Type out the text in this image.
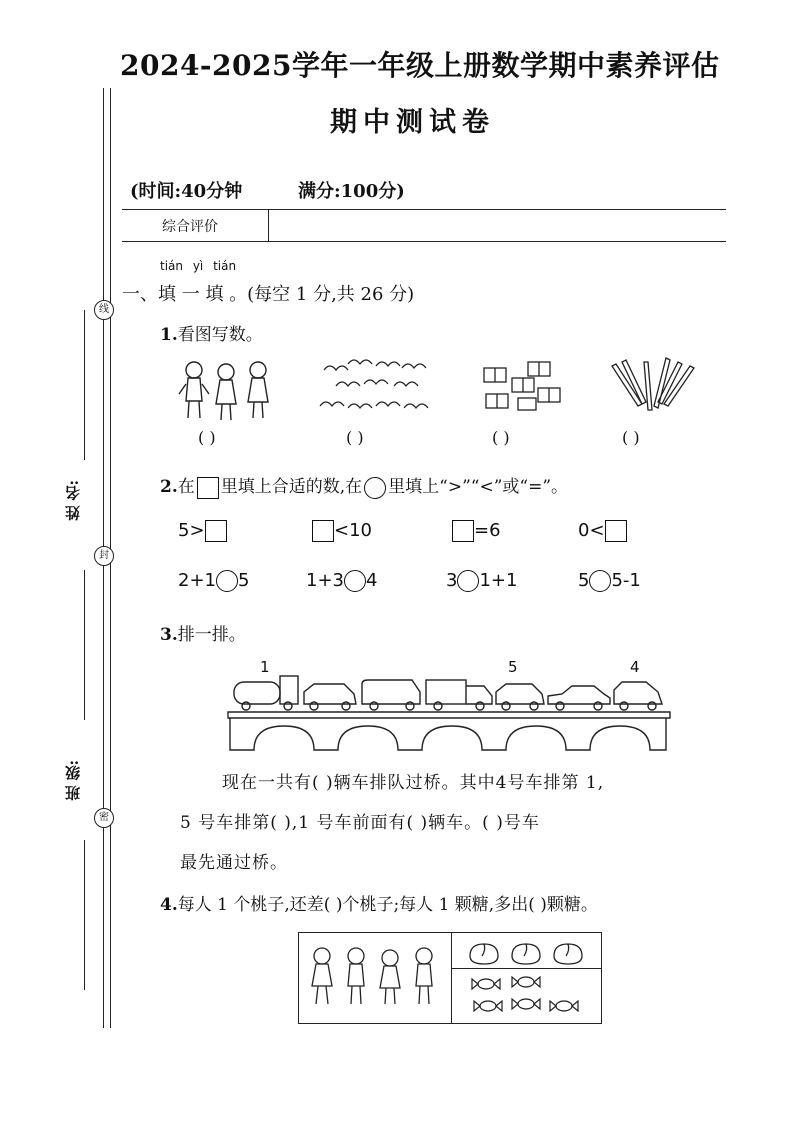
线
封
密
姓 名:
班 级:
2024-2025学年一年级上册数学期中素养评估
期中测试卷
(时间:40分钟	满分:100分)
综合评价
tián yì tián
一、填 一 填 。(每空 1 分,共 26 分)
1.看图写数。
( )	( )	( )	( )
2.在 里填上合适的数,在 里填上“>”“<”或“=”。
5>	<10	=6	0<
2+1 5	1+3 4	3 1+1	5 5-1
3.排一排。
1	5	4
现在一共有( )辆车排队过桥。其中4号车排第 1,
5 号车排第( ),1 号车前面有( )辆车。( )号车
最先通过桥。
4.每人 1 个桃子,还差( )个桃子;每人 1 颗糖,多出( )颗糖。
